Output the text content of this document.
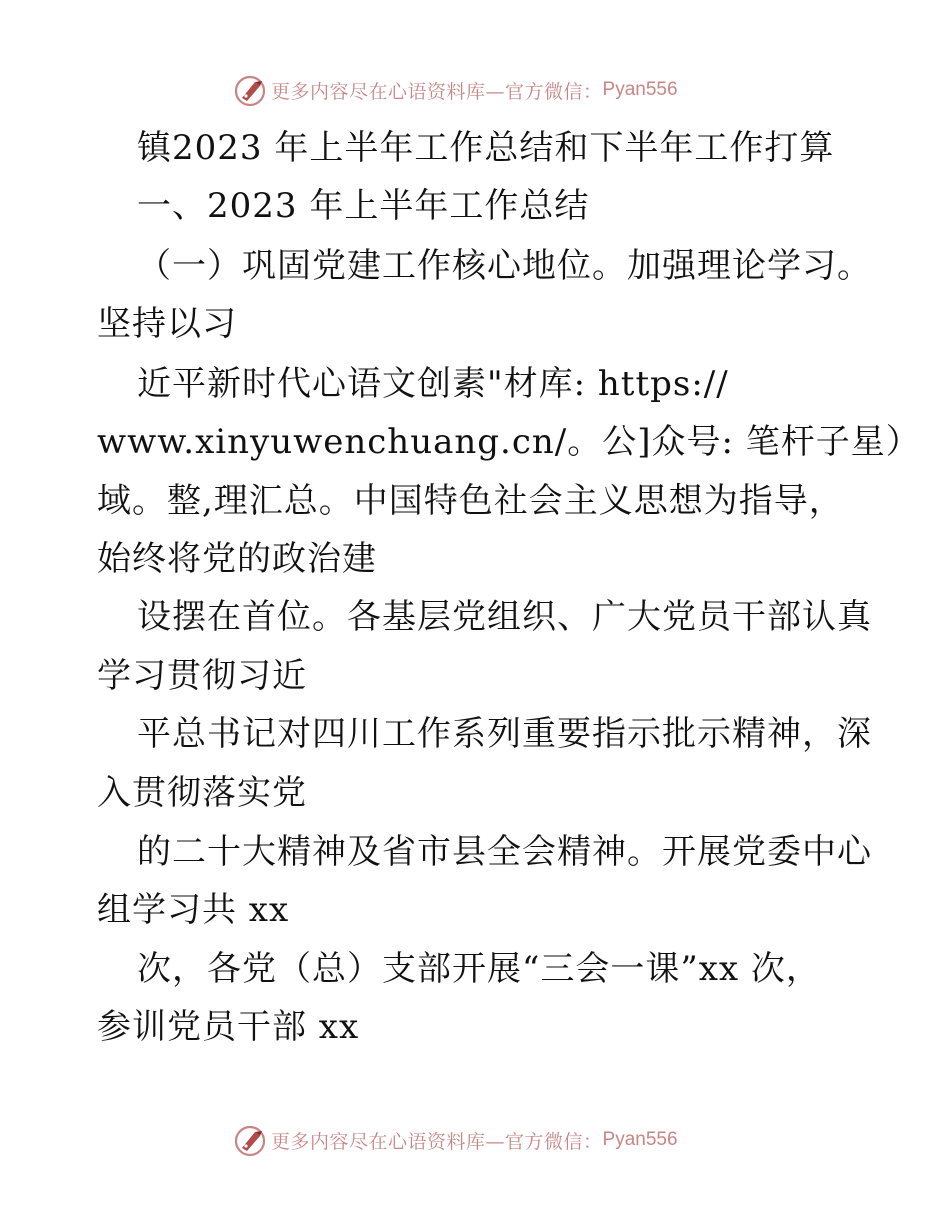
更多内容尽在心语资料库—官方微信： Pyan556
镇2023 年上半年工作总结和下半年工作打算
一、2023 年上半年工作总结
（一）巩固党建工作核心地位。加强理论学习。
坚持以习
近平新时代心语文创素"材库: https://
www.xinyuwenchuang.cn/。公]众号: 笔杆子星）
域。整,理汇总。中国特色社会主义思想为指导，
始终将党的政治建
设摆在首位。各基层党组织、广大党员干部认真
学习贯彻习近
平总书记对四川工作系列重要指示批示精神，深
入贯彻落实党
的二十大精神及省市县全会精神。开展党委中心
组学习共 xx
次，各党（总）支部开展“三会一课”xx 次，
参训党员干部 xx
更多内容尽在心语资料库—官方微信： Pyan556
